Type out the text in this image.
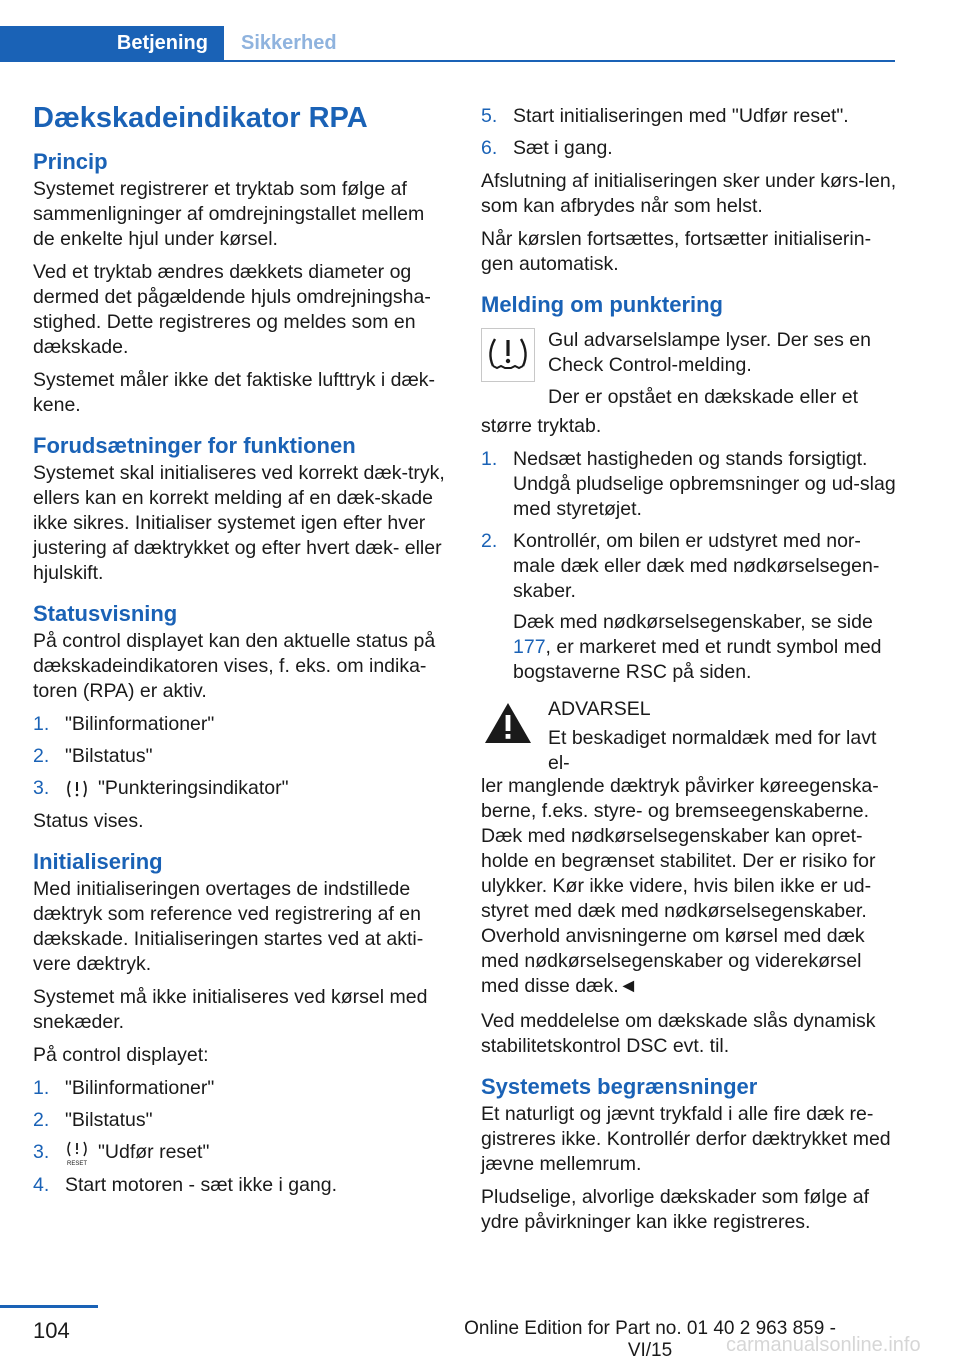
Betjening	Sikkerhed
Dækskadeindikator RPA
Princip

Systemet registrerer et tryktab som følge af sammenligninger af omdrejningstallet mellem de enkelte hjul under kørsel.

Ved et tryktab ændres dækkets diameter og dermed det pågældende hjuls omdrejningsha-stighed. Dette registreres og meldes som en dækskade.

Systemet måler ikke det faktiske lufttryk i dæk-kene.

Forudsætninger for funktionen

Systemet skal initialiseres ved korrekt dæk-tryk, ellers kan en korrekt melding af en dæk-skade ikke sikres. Initialiser systemet igen efter hver justering af dæktrykket og efter hvert dæk- eller hjulskift.

Statusvisning

På control displayet kan den aktuelle status på dækskadeindikatoren vises, f. eks. om indika-toren (RPA) er aktiv.

1. "Bilinformationer"
2. "Bilstatus"
3.	"Punkteringsindikator"

Status vises.

Initialisering

Med initialiseringen overtages de indstillede dæktryk som reference ved registrering af en dækskade. Initialiseringen startes ved at akti-vere dæktryk.

Systemet må ikke initialiseres ved kørsel med snekæder.

På control displayet:

1. "Bilinformationer"
2. "Bilstatus"
3.
RESET
"Udfør reset"
4. Start motoren - sæt ikke i gang.
5. Start initialiseringen med "Udfør reset".
6. Sæt i gang.

Afslutning af initialiseringen sker under kørs-len, som kan afbrydes når som helst.

Når kørslen fortsættes, fortsætter initialiserin-gen automatisk.

Melding om punktering

Gul advarselslampe lyser. Der ses en Check Control-melding.

Der er opstået en dækskade eller et

større tryktab.

1. Nedsæt hastigheden og stands forsigtigt. Undgå pludselige opbremsninger og ud-slag med styretøjet.
2. Kontrollér, om bilen er udstyret med nor-male dæk eller dæk med nødkørselsegen-skaber.

Dæk med nødkørselsegenskaber, se side 177, er markeret med et rundt symbol med bogstaverne RSC på siden.

ADVARSEL

Et beskadiget normaldæk med for lavt el-

ler manglende dæktryk påvirker køreegenska-berne, f.eks. styre- og bremseegenskaberne. Dæk med nødkørselsegenskaber kan opret-holde en begrænset stabilitet. Der er risiko for ulykker. Kør ikke videre, hvis bilen ikke er ud-styret med dæk med nødkørselsegenskaber. Overhold anvisningerne om kørsel med dæk med nødkørselsegenskaber og viderekørsel med disse dæk.◄

Ved meddelelse om dækskade slås dynamisk stabilitetskontrol DSC evt. til.

Systemets begrænsninger

Et naturligt og jævnt trykfald i alle fire dæk re-gistreres ikke. Kontrollér derfor dæktrykket med jævne mellemrum.

Pludselige, alvorlige dækskader som følge af ydre påvirkninger kan ikke registreres.

104	Online Edition for Part no. 01 40 2 963 859 - VI/15	carmanualsonline.info
